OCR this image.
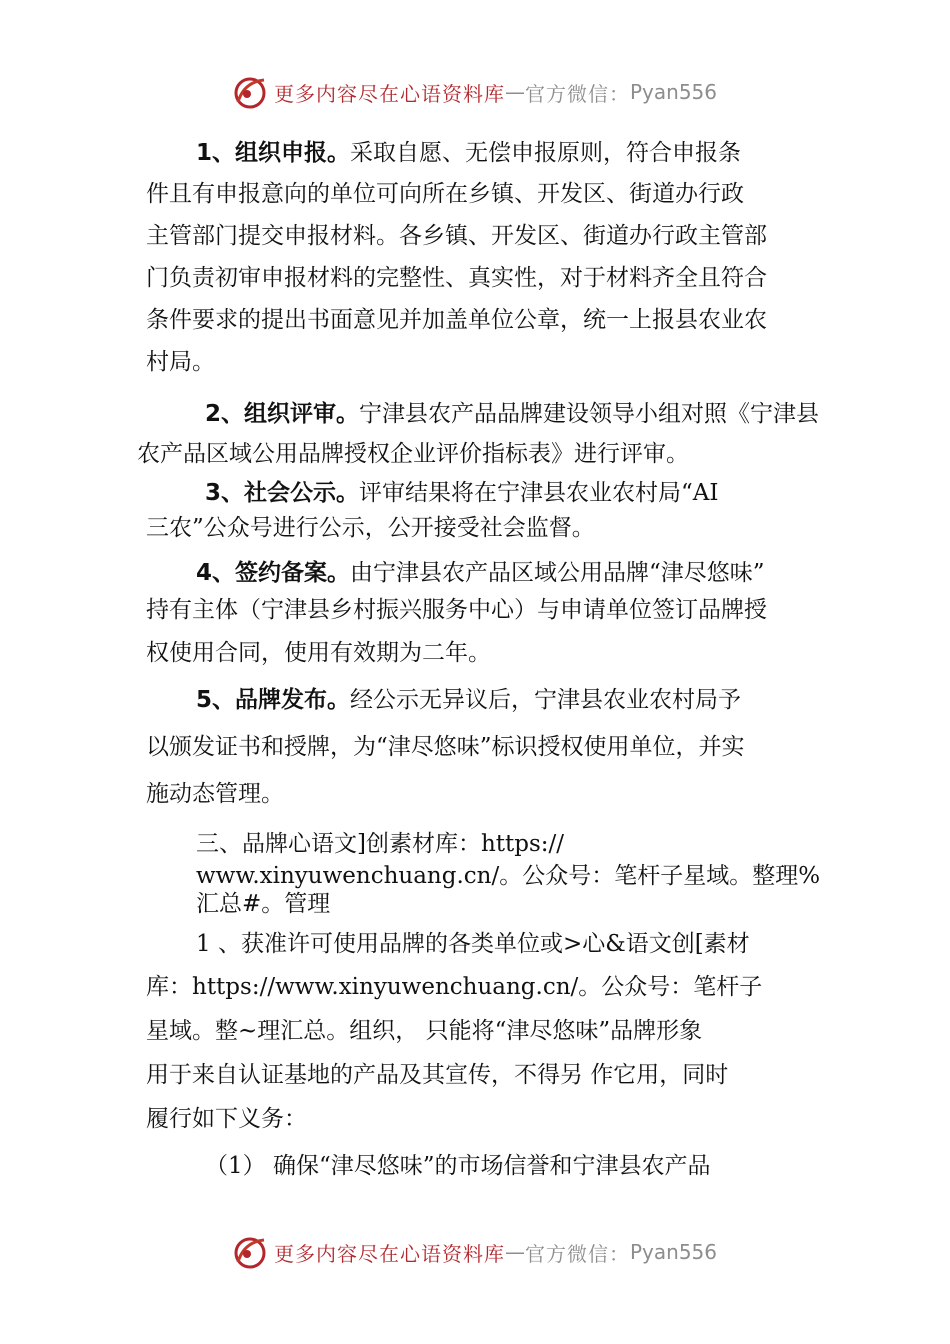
更多内容尽在心语资料库 — 官方微信： Pyan556
1、组织申报。采取自愿、无偿申报原则，符合申报条
件且有申报意向的单位可向所在乡镇、开发区、街道办行政
主管部门提交申报材料。各乡镇、开发区、街道办行政主管部
门负责初审申报材料的完整性、真实性，对于材料齐全且符合
条件要求的提出书面意见并加盖单位公章，统一上报县农业农
村局。
2、组织评审。宁津县农产品品牌建设领导小组对照《宁津县
农产品区域公用品牌授权企业评价指标表》进行评审。
3、社会公示。评审结果将在宁津县农业农村局“AI
三农”公众号进行公示，公开接受社会监督。
4、签约备案。由宁津县农产品区域公用品牌“津尽悠味”
持有主体（宁津县乡村振兴服务中心）与申请单位签订品牌授
权使用合同，使用有效期为二年。
5、品牌发布。经公示无异议后，宁津县农业农村局予
以颁发证书和授牌，为“津尽悠味”标识授权使用单位，并实
施动态管理。
三、品牌心语文]创素材库：https://
www.xinyuwenchuang.cn/。公众号：笔杆子星域。整理%
汇总#。管理
1 、获准许可使用品牌的各类单位或>心&语文创[素材
库：https://www.xinyuwenchuang.cn/。公众号：笔杆子
星域。整~理汇总。组织， 只能将“津尽悠味”品牌形象
用于来自认证基地的产品及其宣传，不得另 作它用，同时
履行如下义务：
（1） 确保“津尽悠味”的市场信誉和宁津县农产品
更多内容尽在心语资料库 — 官方微信： Pyan556
